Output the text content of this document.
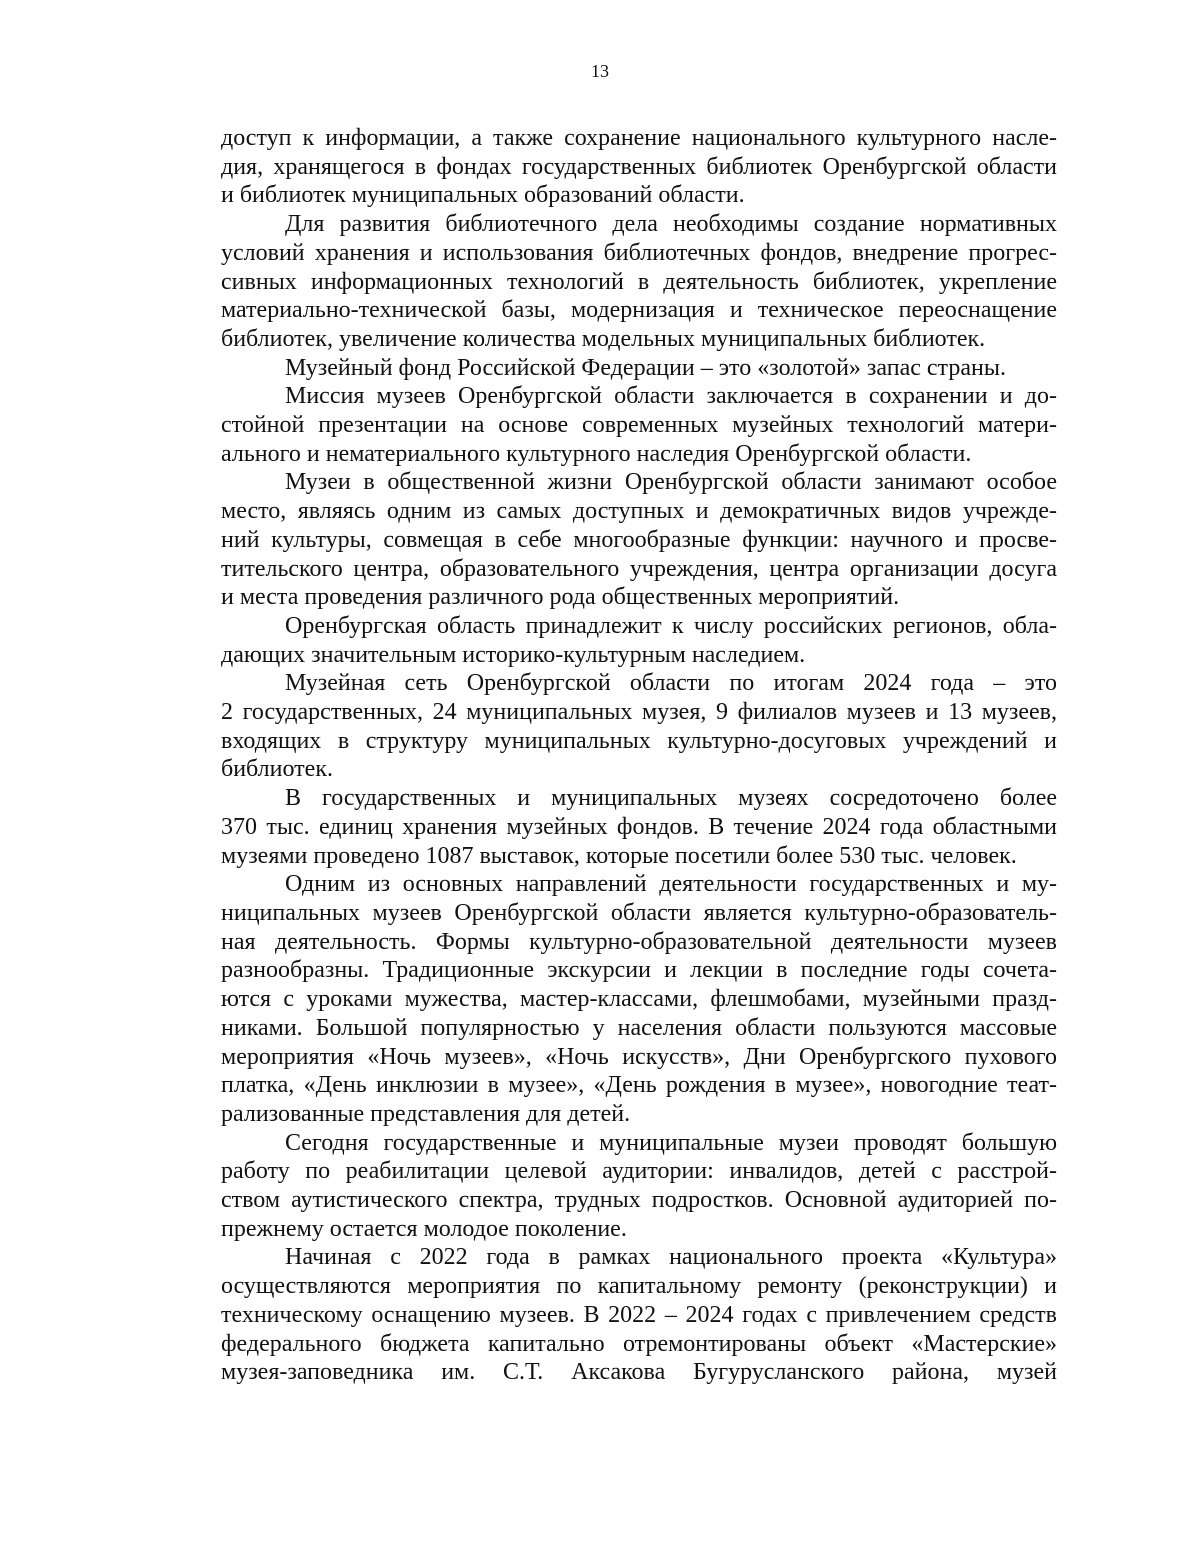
13
доступ к информации, а также сохранение национального культурного насле-
дия, хранящегося в фондах государственных библиотек Оренбургской области
и библиотек муниципальных образований области.
Для развития библиотечного дела необходимы создание нормативных
условий хранения и использования библиотечных фондов, внедрение прогрес-
сивных информационных технологий в деятельность библиотек, укрепление
материально-технической базы, модернизация и техническое переоснащение
библиотек, увеличение количества модельных муниципальных библиотек.
Музейный фонд Российской Федерации – это «золотой» запас страны.
Миссия музеев Оренбургской области заключается в сохранении и до-
стойной презентации на основе современных музейных технологий матери-
ального и нематериального культурного наследия Оренбургской области.
Музеи в общественной жизни Оренбургской области занимают особое
место, являясь одним из самых доступных и демократичных видов учрежде-
ний культуры, совмещая в себе многообразные функции: научного и просве-
тительского центра, образовательного учреждения, центра организации досуга
и места проведения различного рода общественных мероприятий.
Оренбургская область принадлежит к числу российских регионов, обла-
дающих значительным историко-культурным наследием.
Музейная сеть Оренбургской области по итогам 2024 года – это
2 государственных, 24 муниципальных музея, 9 филиалов музеев и 13 музеев,
входящих в структуру муниципальных культурно-досуговых учреждений и
библиотек.
В государственных и муниципальных музеях сосредоточено более
370 тыс. единиц хранения музейных фондов. В течение 2024 года областными
музеями проведено 1087 выставок, которые посетили более 530 тыс. человек.
Одним из основных направлений деятельности государственных и му-
ниципальных музеев Оренбургской области является культурно-образователь-
ная деятельность. Формы культурно-образовательной деятельности музеев
разнообразны. Традиционные экскурсии и лекции в последние годы сочета-
ются с уроками мужества, мастер-классами, флешмобами, музейными празд-
никами. Большой популярностью у населения области пользуются массовые
мероприятия «Ночь музеев», «Ночь искусств», Дни Оренбургского пухового
платка, «День инклюзии в музее», «День рождения в музее», новогодние теат-
рализованные представления для детей.
Сегодня государственные и муниципальные музеи проводят большую
работу по реабилитации целевой аудитории: инвалидов, детей с расстрой-
ством аутистического спектра, трудных подростков. Основной аудиторией по-
прежнему остается молодое поколение.
Начиная с 2022 года в рамках национального проекта «Культура»
осуществляются мероприятия по капитальному ремонту (реконструкции) и
техническому оснащению музеев. В 2022 – 2024 годах с привлечением средств
федерального бюджета капитально отремонтированы объект «Мастерские»
музея-заповедника им. С.Т. Аксакова Бугурусланского района, музей
